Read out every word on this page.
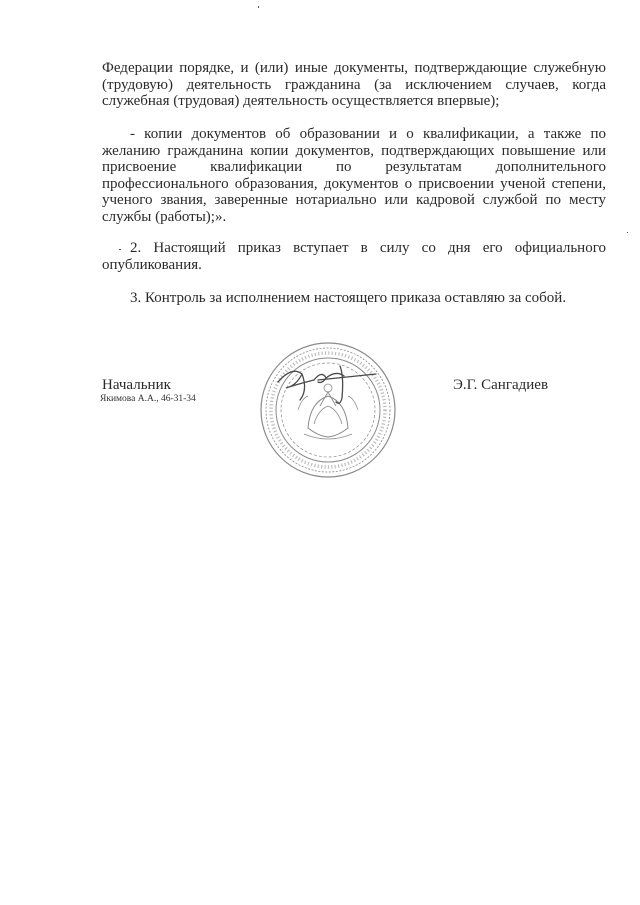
Федерации порядке, и (или) иные документы, подтверждающие служебную (трудовую) деятельность гражданина (за исключением случаев, когда служебная (трудовая) деятельность осуществляется впервые);

- копии документов об образовании и о квалификации, а также по желанию гражданина копии документов, подтверждающих повышение или присвоение квалификации по результатам дополнительного профессионального образования, документов о присвоении ученой степени, ученого звания, заверенные нотариально или кадровой службой по месту службы (работы);».

2. Настоящий приказ вступает в силу со дня его официального опубликования.

3. Контроль за исполнением настоящего приказа оставляю за собой.

Начальник
Якимова А.А., 46-31-34
Э.Г. Сангадиев
